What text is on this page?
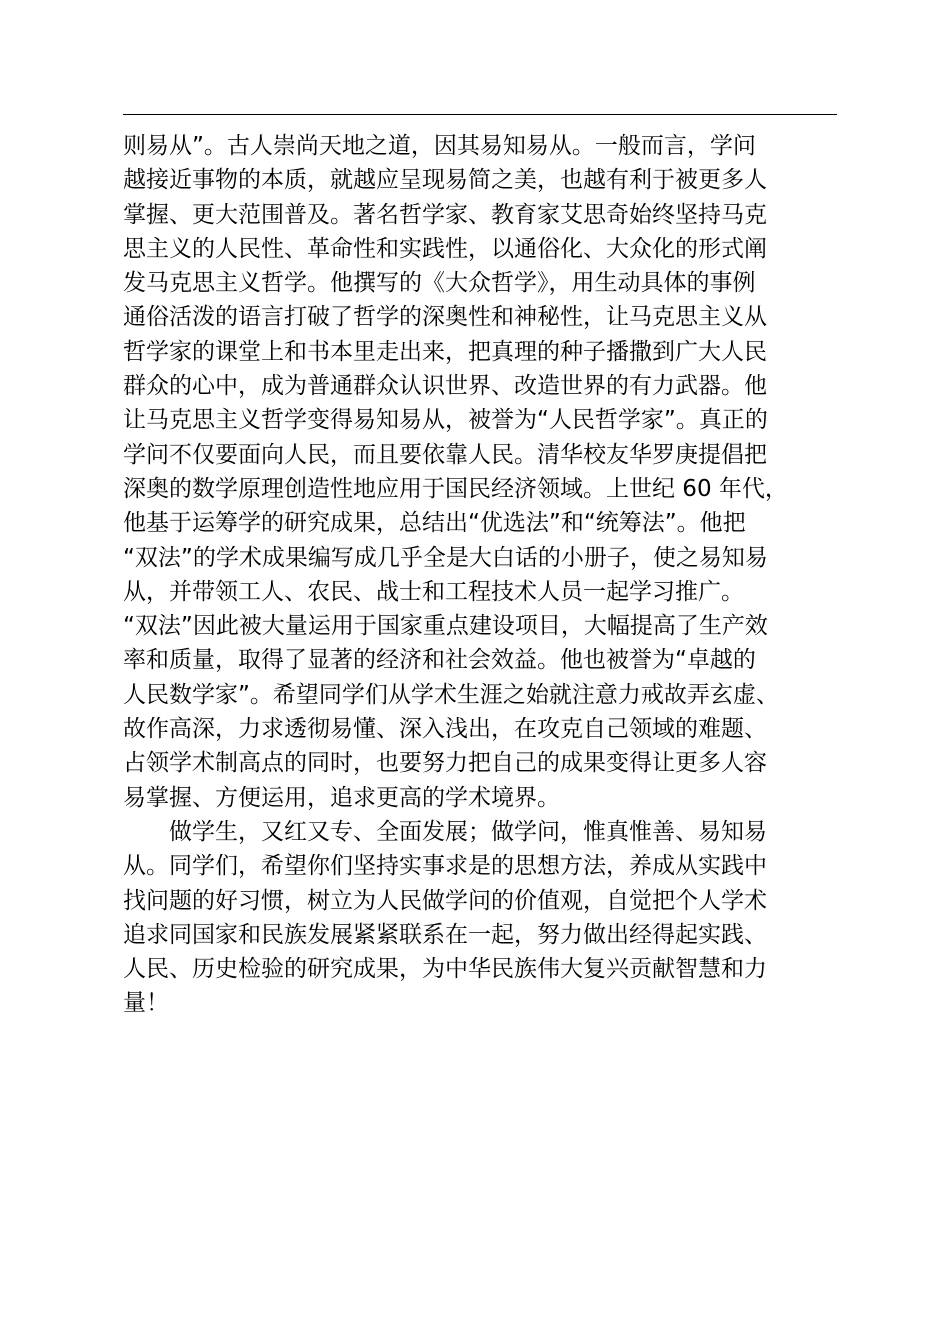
则易从”。古人崇尚天地之道，因其易知易从。一般而言，学问
越接近事物的本质，就越应呈现易简之美，也越有利于被更多人
掌握、更大范围普及。著名哲学家、教育家艾思奇始终坚持马克
思主义的人民性、革命性和实践性，以通俗化、大众化的形式阐
发马克思主义哲学。他撰写的《大众哲学》，用生动具体的事例
通俗活泼的语言打破了哲学的深奥性和神秘性，让马克思主义从
哲学家的课堂上和书本里走出来，把真理的种子播撒到广大人民
群众的心中，成为普通群众认识世界、改造世界的有力武器。他
让马克思主义哲学变得易知易从，被誉为“人民哲学家”。真正的
学问不仅要面向人民，而且要依靠人民。清华校友华罗庚提倡把
深奥的数学原理创造性地应用于国民经济领域。上世纪 60 年代，
他基于运筹学的研究成果，总结出“优选法”和“统筹法”。他把
“双法”的学术成果编写成几乎全是大白话的小册子，使之易知易
从，并带领工人、农民、战士和工程技术人员一起学习推广。
“双法”因此被大量运用于国家重点建设项目，大幅提高了生产效
率和质量，取得了显著的经济和社会效益。他也被誉为“卓越的
人民数学家”。希望同学们从学术生涯之始就注意力戒故弄玄虚、
故作高深，力求透彻易懂、深入浅出，在攻克自己领域的难题、
占领学术制高点的同时，也要努力把自己的成果变得让更多人容
易掌握、方便运用，追求更高的学术境界。
　　做学生，又红又专、全面发展；做学问，惟真惟善、易知易
从。同学们，希望你们坚持实事求是的思想方法，养成从实践中
找问题的好习惯，树立为人民做学问的价值观，自觉把个人学术
追求同国家和民族发展紧紧联系在一起，努力做出经得起实践、
人民、历史检验的研究成果，为中华民族伟大复兴贡献智慧和力
量！
